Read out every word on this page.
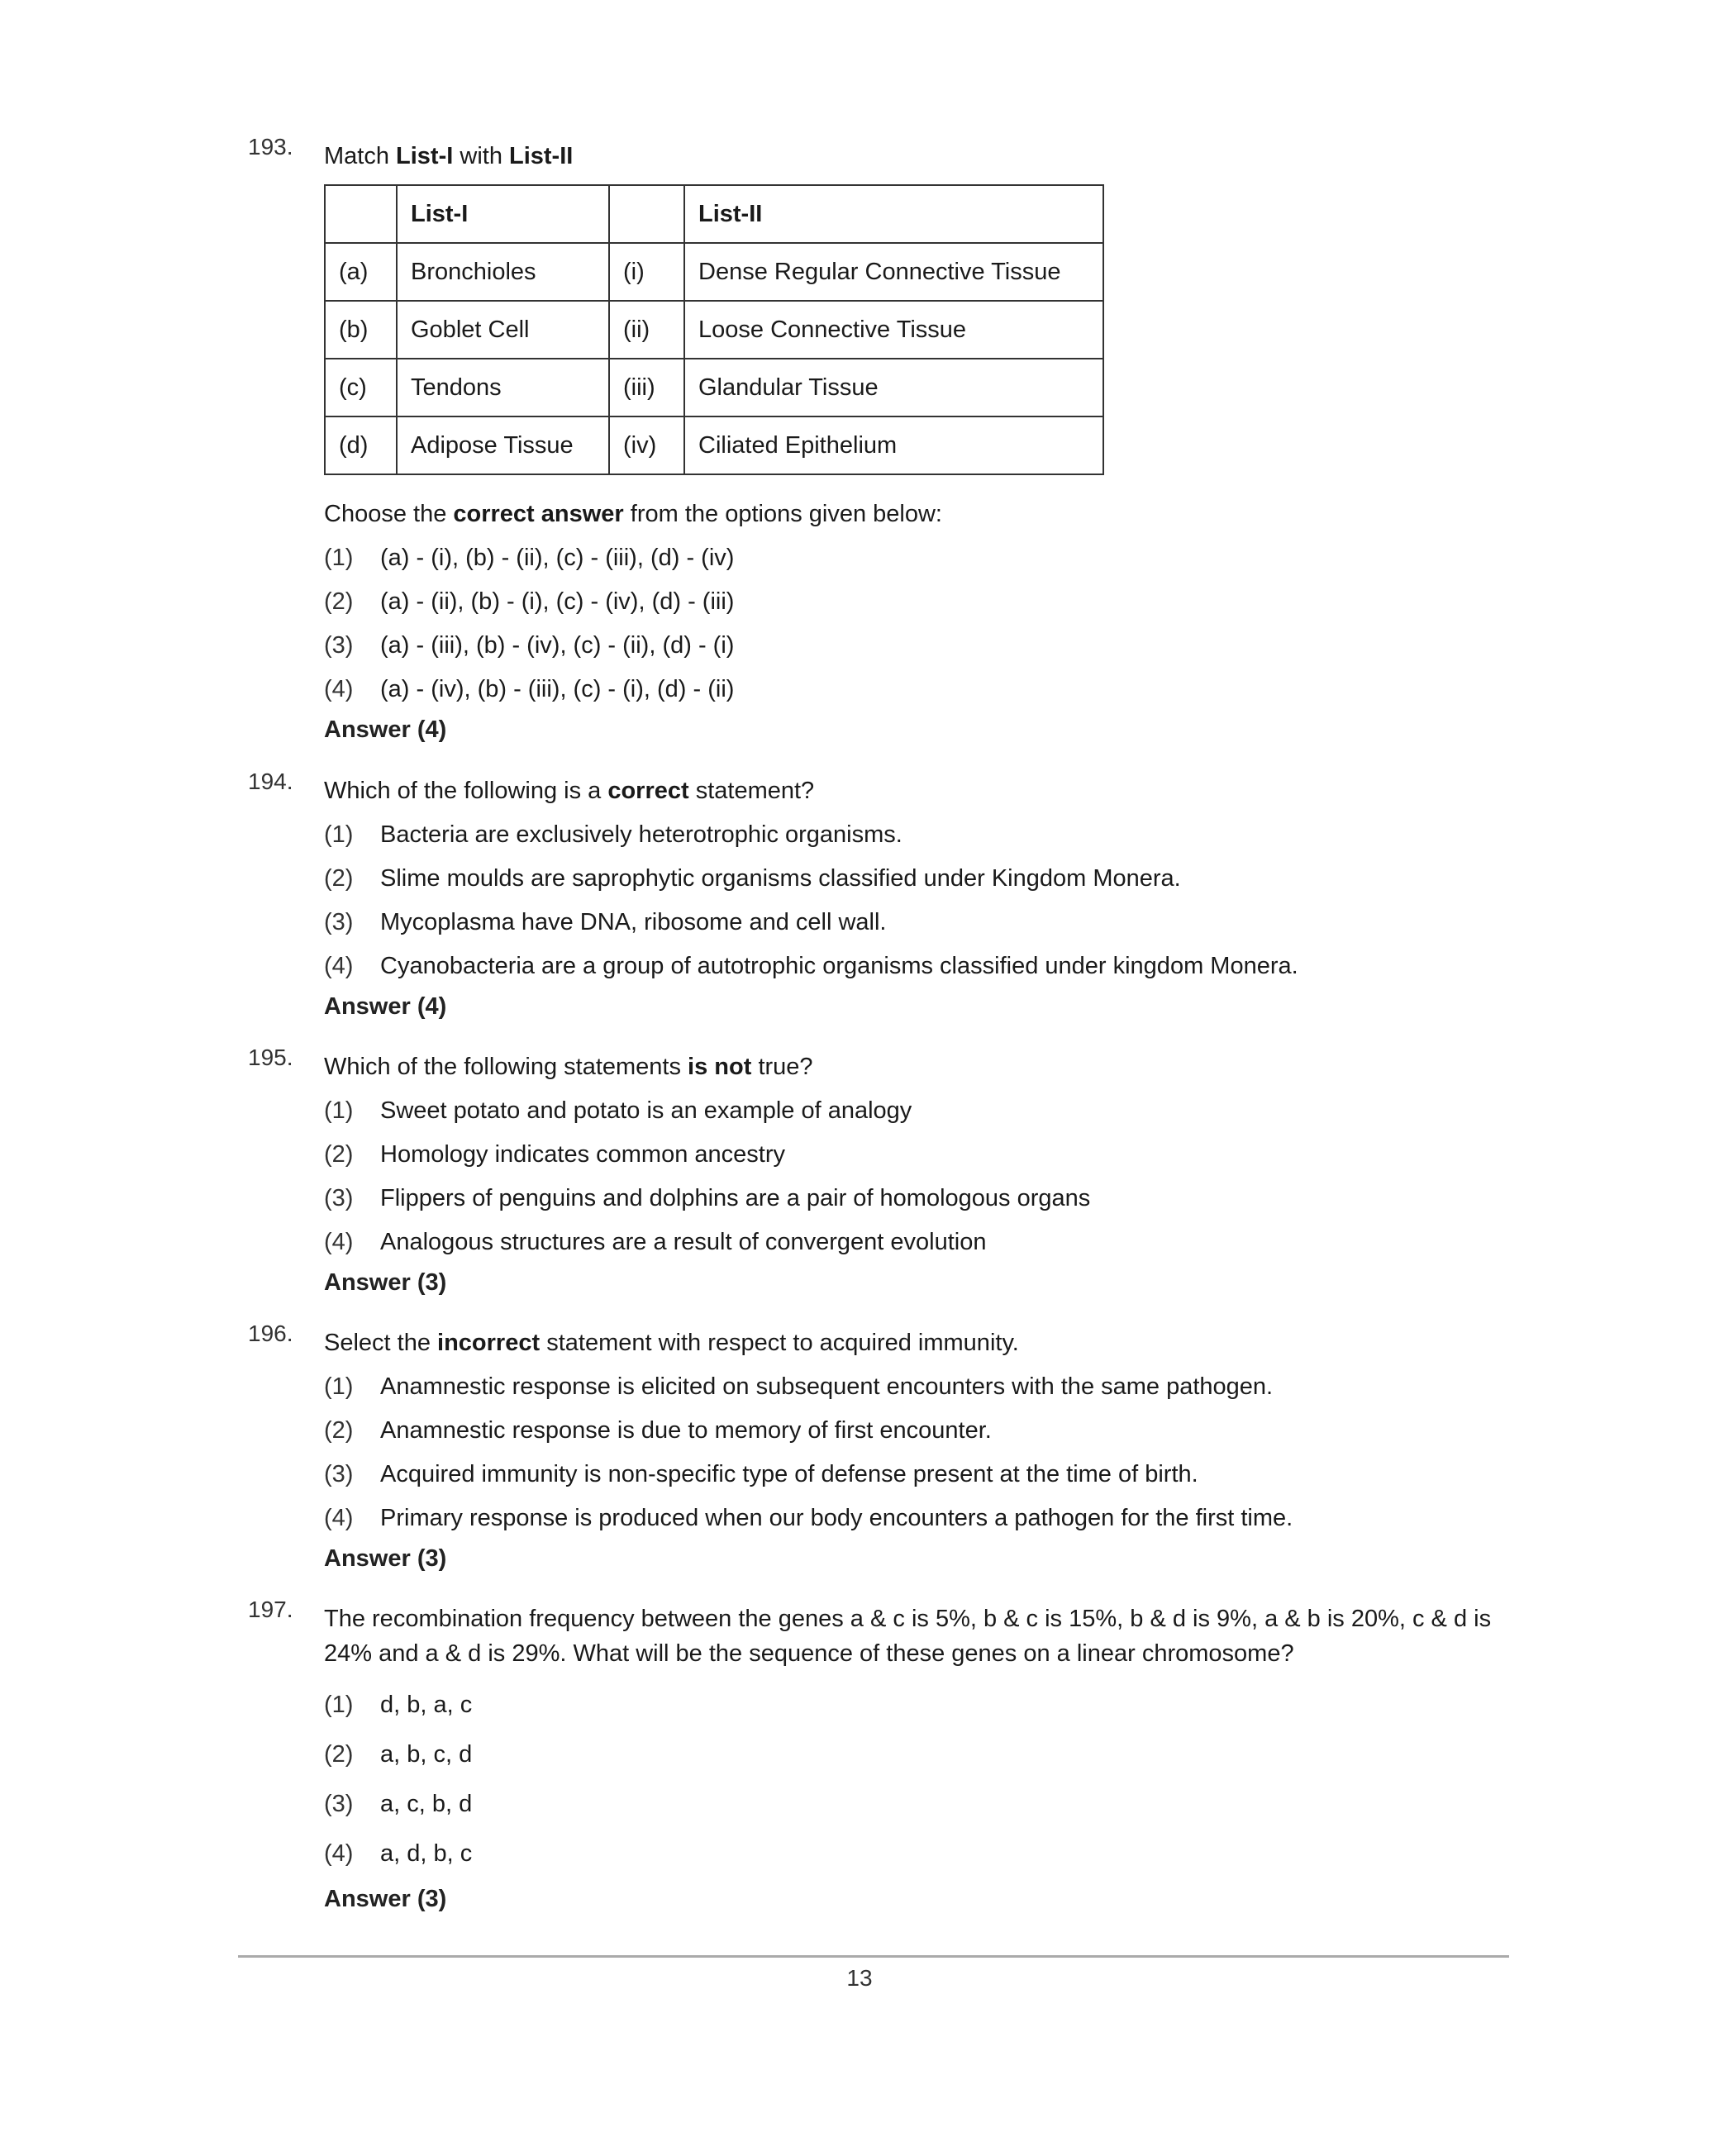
193. Match List-I with List-II
	List-I		List-II
(a)	Bronchioles	(i)	Dense Regular Connective Tissue
(b)	Goblet Cell	(ii)	Loose Connective Tissue
(c)	Tendons	(iii)	Glandular Tissue
(d)	Adipose Tissue	(iv)	Ciliated Epithelium
Choose the correct answer from the options given below:
(1) (a) - (i), (b) - (ii), (c) - (iii), (d) - (iv)
(2) (a) - (ii), (b) - (i), (c) - (iv), (d) - (iii)
(3) (a) - (iii), (b) - (iv), (c) - (ii), (d) - (i)
(4) (a) - (iv), (b) - (iii), (c) - (i), (d) - (ii)
Answer (4)
194. Which of the following is a correct statement?
(1) Bacteria are exclusively heterotrophic organisms.
(2) Slime moulds are saprophytic organisms classified under Kingdom Monera.
(3) Mycoplasma have DNA, ribosome and cell wall.
(4) Cyanobacteria are a group of autotrophic organisms classified under kingdom Monera.
Answer (4)
195. Which of the following statements is not true?
(1) Sweet potato and potato is an example of analogy
(2) Homology indicates common ancestry
(3) Flippers of penguins and dolphins are a pair of homologous organs
(4) Analogous structures are a result of convergent evolution
Answer (3)
196. Select the incorrect statement with respect to acquired immunity.
(1) Anamnestic response is elicited on subsequent encounters with the same pathogen.
(2) Anamnestic response is due to memory of first encounter.
(3) Acquired immunity is non-specific type of defense present at the time of birth.
(4) Primary response is produced when our body encounters a pathogen for the first time.
Answer (3)
197. The recombination frequency between the genes a & c is 5%, b & c is 15%, b & d is 9%, a & b is 20%, c & d is 24% and a & d is 29%. What will be the sequence of these genes on a linear chromosome?
(1) d, b, a, c
(2) a, b, c, d
(3) a, c, b, d
(4) a, d, b, c
Answer (3)
13
